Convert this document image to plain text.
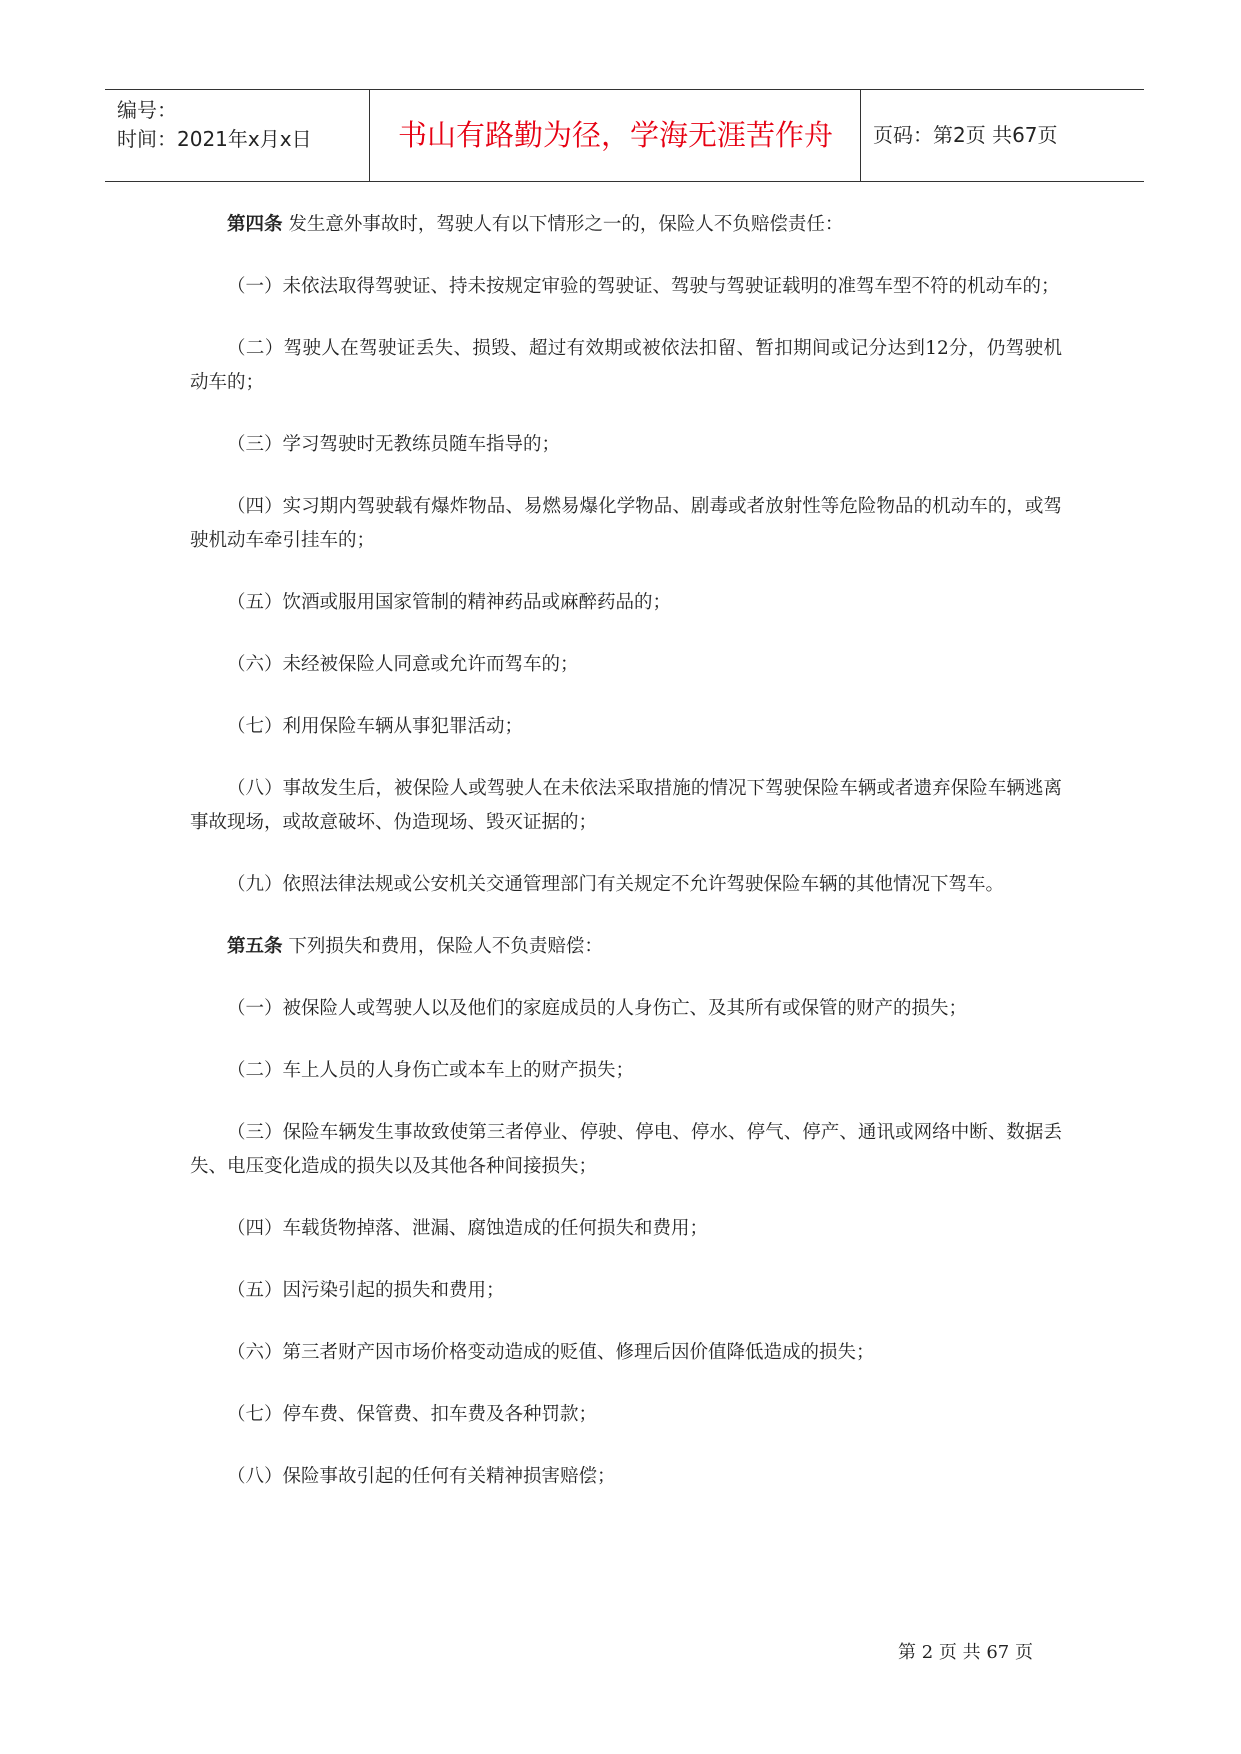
编号：
时间：2021年x月x日	书山有路勤为径，学海无涯苦作舟	页码：第2页 共67页

第四条 发生意外事故时，驾驶人有以下情形之一的，保险人不负赔偿责任：

（一）未依法取得驾驶证、持未按规定审验的驾驶证、驾驶与驾驶证载明的准驾车型不符的机动车的；

（二）驾驶人在驾驶证丢失、损毁、超过有效期或被依法扣留、暂扣期间或记分达到12分，仍驾驶机动车的；

（三）学习驾驶时无教练员随车指导的；

（四）实习期内驾驶载有爆炸物品、易燃易爆化学物品、剧毒或者放射性等危险物品的机动车的，或驾驶机动车牵引挂车的；

（五）饮酒或服用国家管制的精神药品或麻醉药品的；

（六）未经被保险人同意或允许而驾车的；

（七）利用保险车辆从事犯罪活动；

（八）事故发生后，被保险人或驾驶人在未依法采取措施的情况下驾驶保险车辆或者遗弃保险车辆逃离事故现场，或故意破坏、伪造现场、毁灭证据的；

（九）依照法律法规或公安机关交通管理部门有关规定不允许驾驶保险车辆的其他情况下驾车。

第五条 下列损失和费用，保险人不负责赔偿：

（一）被保险人或驾驶人以及他们的家庭成员的人身伤亡、及其所有或保管的财产的损失；

（二）车上人员的人身伤亡或本车上的财产损失；

（三）保险车辆发生事故致使第三者停业、停驶、停电、停水、停气、停产、通讯或网络中断、数据丢失、电压变化造成的损失以及其他各种间接损失；

（四）车载货物掉落、泄漏、腐蚀造成的任何损失和费用；

（五）因污染引起的损失和费用；

（六）第三者财产因市场价格变动造成的贬值、修理后因价值降低造成的损失；

（七）停车费、保管费、扣车费及各种罚款；

（八）保险事故引起的任何有关精神损害赔偿；

第 2 页 共 67 页
